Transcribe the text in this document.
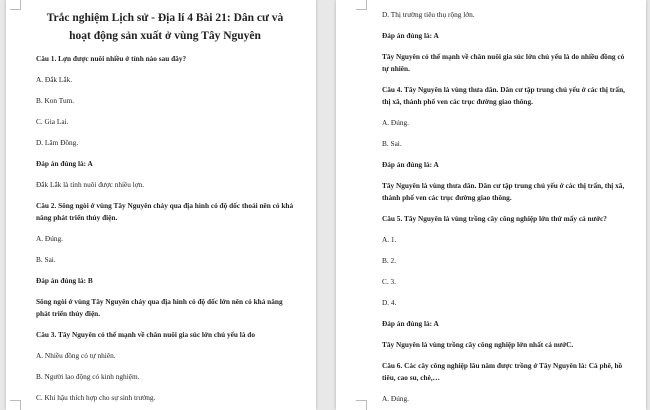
Trắc nghiệm Lịch sử - Địa lí 4 Bài 21: Dân cư và hoạt động sản xuất ở vùng Tây Nguyên

Câu 1. Lợn được nuôi nhiều ở tỉnh nào sau đây?

A. Đắk Lắk.

B. Kon Tum.

C. Gia Lai.

D. Lâm Đồng.

Đáp án đúng là: A

Đắk Lắk là tỉnh nuôi được nhiều lợn.

Câu 2. Sông ngòi ở vùng Tây Nguyên chảy qua địa hình có độ dốc thoải nên có khả năng phát triển thủy điện.

A. Đúng.

B. Sai.

Đáp án đúng là: B

Sông ngòi ở vùng Tây Nguyên chảy qua địa hình có độ dốc lớn nên có khả năng phát triển thủy điện.

Câu 3. Tây Nguyên có thế mạnh về chăn nuôi gia súc lớn chủ yếu là do

A. Nhiều đồng cỏ tự nhiên.

B. Người lao động có kinh nghiệm.

C. Khí hậu thích hợp cho sự sinh trưởng.

D. Thị trường tiêu thụ rộng lớn.

Đáp án đúng là: A

Tây Nguyên có thế mạnh về chăn nuôi gia súc lớn chủ yếu là do nhiều đồng cỏ tự nhiên.

Câu 4. Tây Nguyên là vùng thưa dân. Dân cư tập trung chủ yếu ở các thị trấn, thị xã, thành phố ven các trục đường giao thông.

A. Đúng.

B. Sai.

Đáp án đúng là: A

Tây Nguyên là vùng thưa dân. Dân cư tập trung chủ yếu ở các thị trấn, thị xã, thành phố ven các trục đường giao thông.

Câu 5. Tây Nguyên là vùng trồng cây công nghiệp lớn thứ mấy cả nước?

A. 1.

B. 2.

C. 3.

D. 4.

Đáp án đúng là: A

Tây Nguyên là vùng trồng cây công nghiệp lớn nhất cả nướC.

Câu 6. Các cây công nghiệp lâu năm được trồng ở Tây Nguyên là: Cà phê, hồ tiêu, cao su, chè,…

A. Đúng.
